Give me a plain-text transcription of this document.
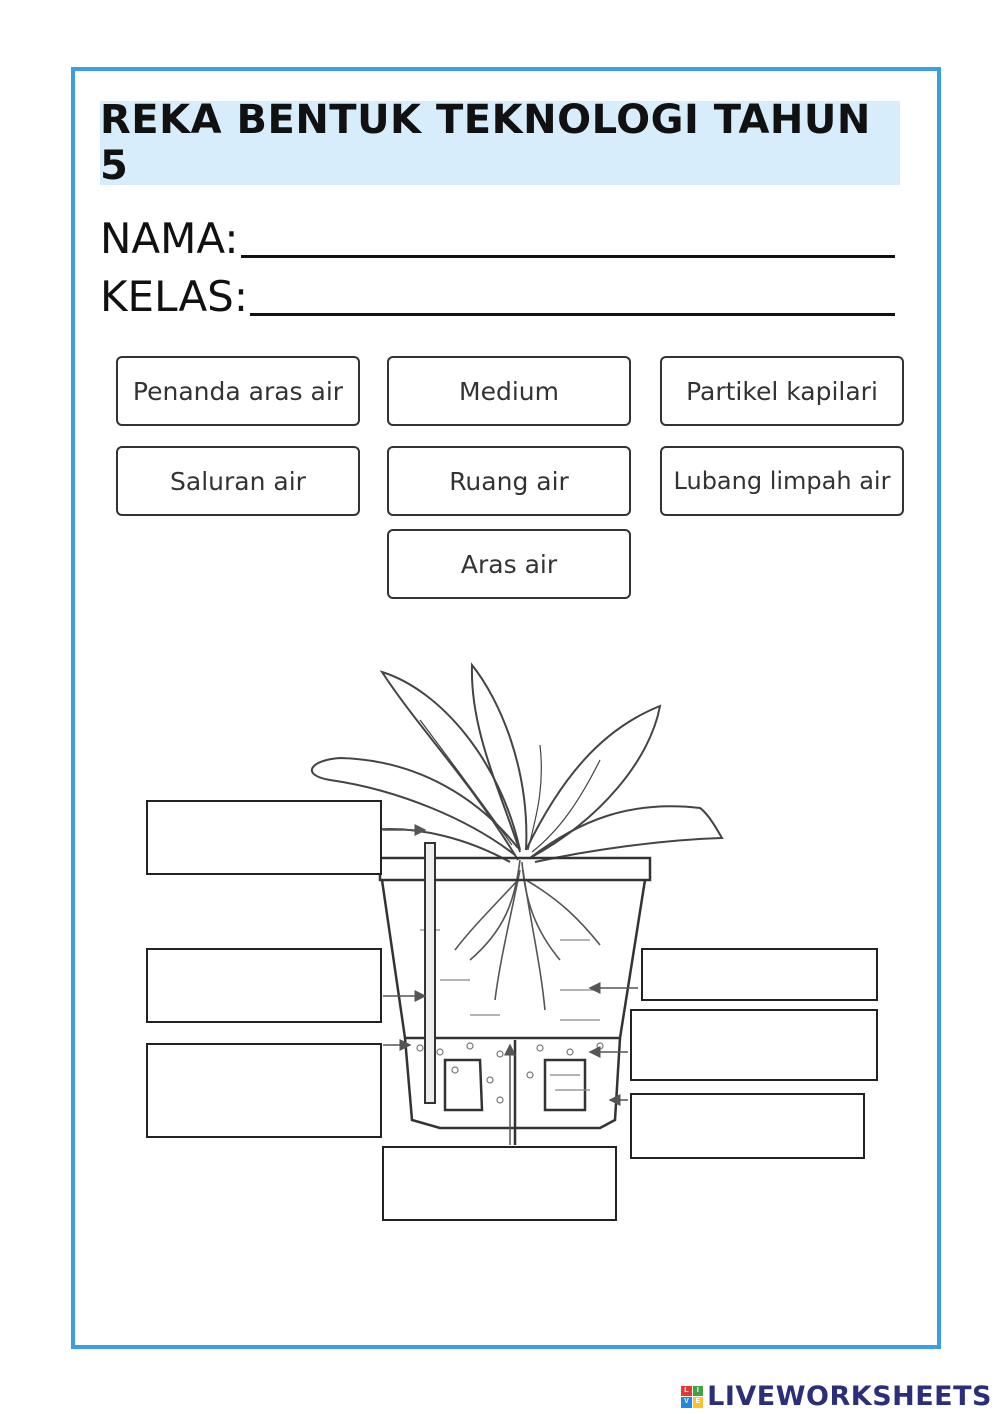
REKA BENTUK TEKNOLOGI TAHUN 5
NAMA:
KELAS:
Penanda aras air	Medium	Partikel kapilari
Saluran air	Ruang air	Lubang limpah air
Aras air
L	I
V E LIVEWORKSHEETS
